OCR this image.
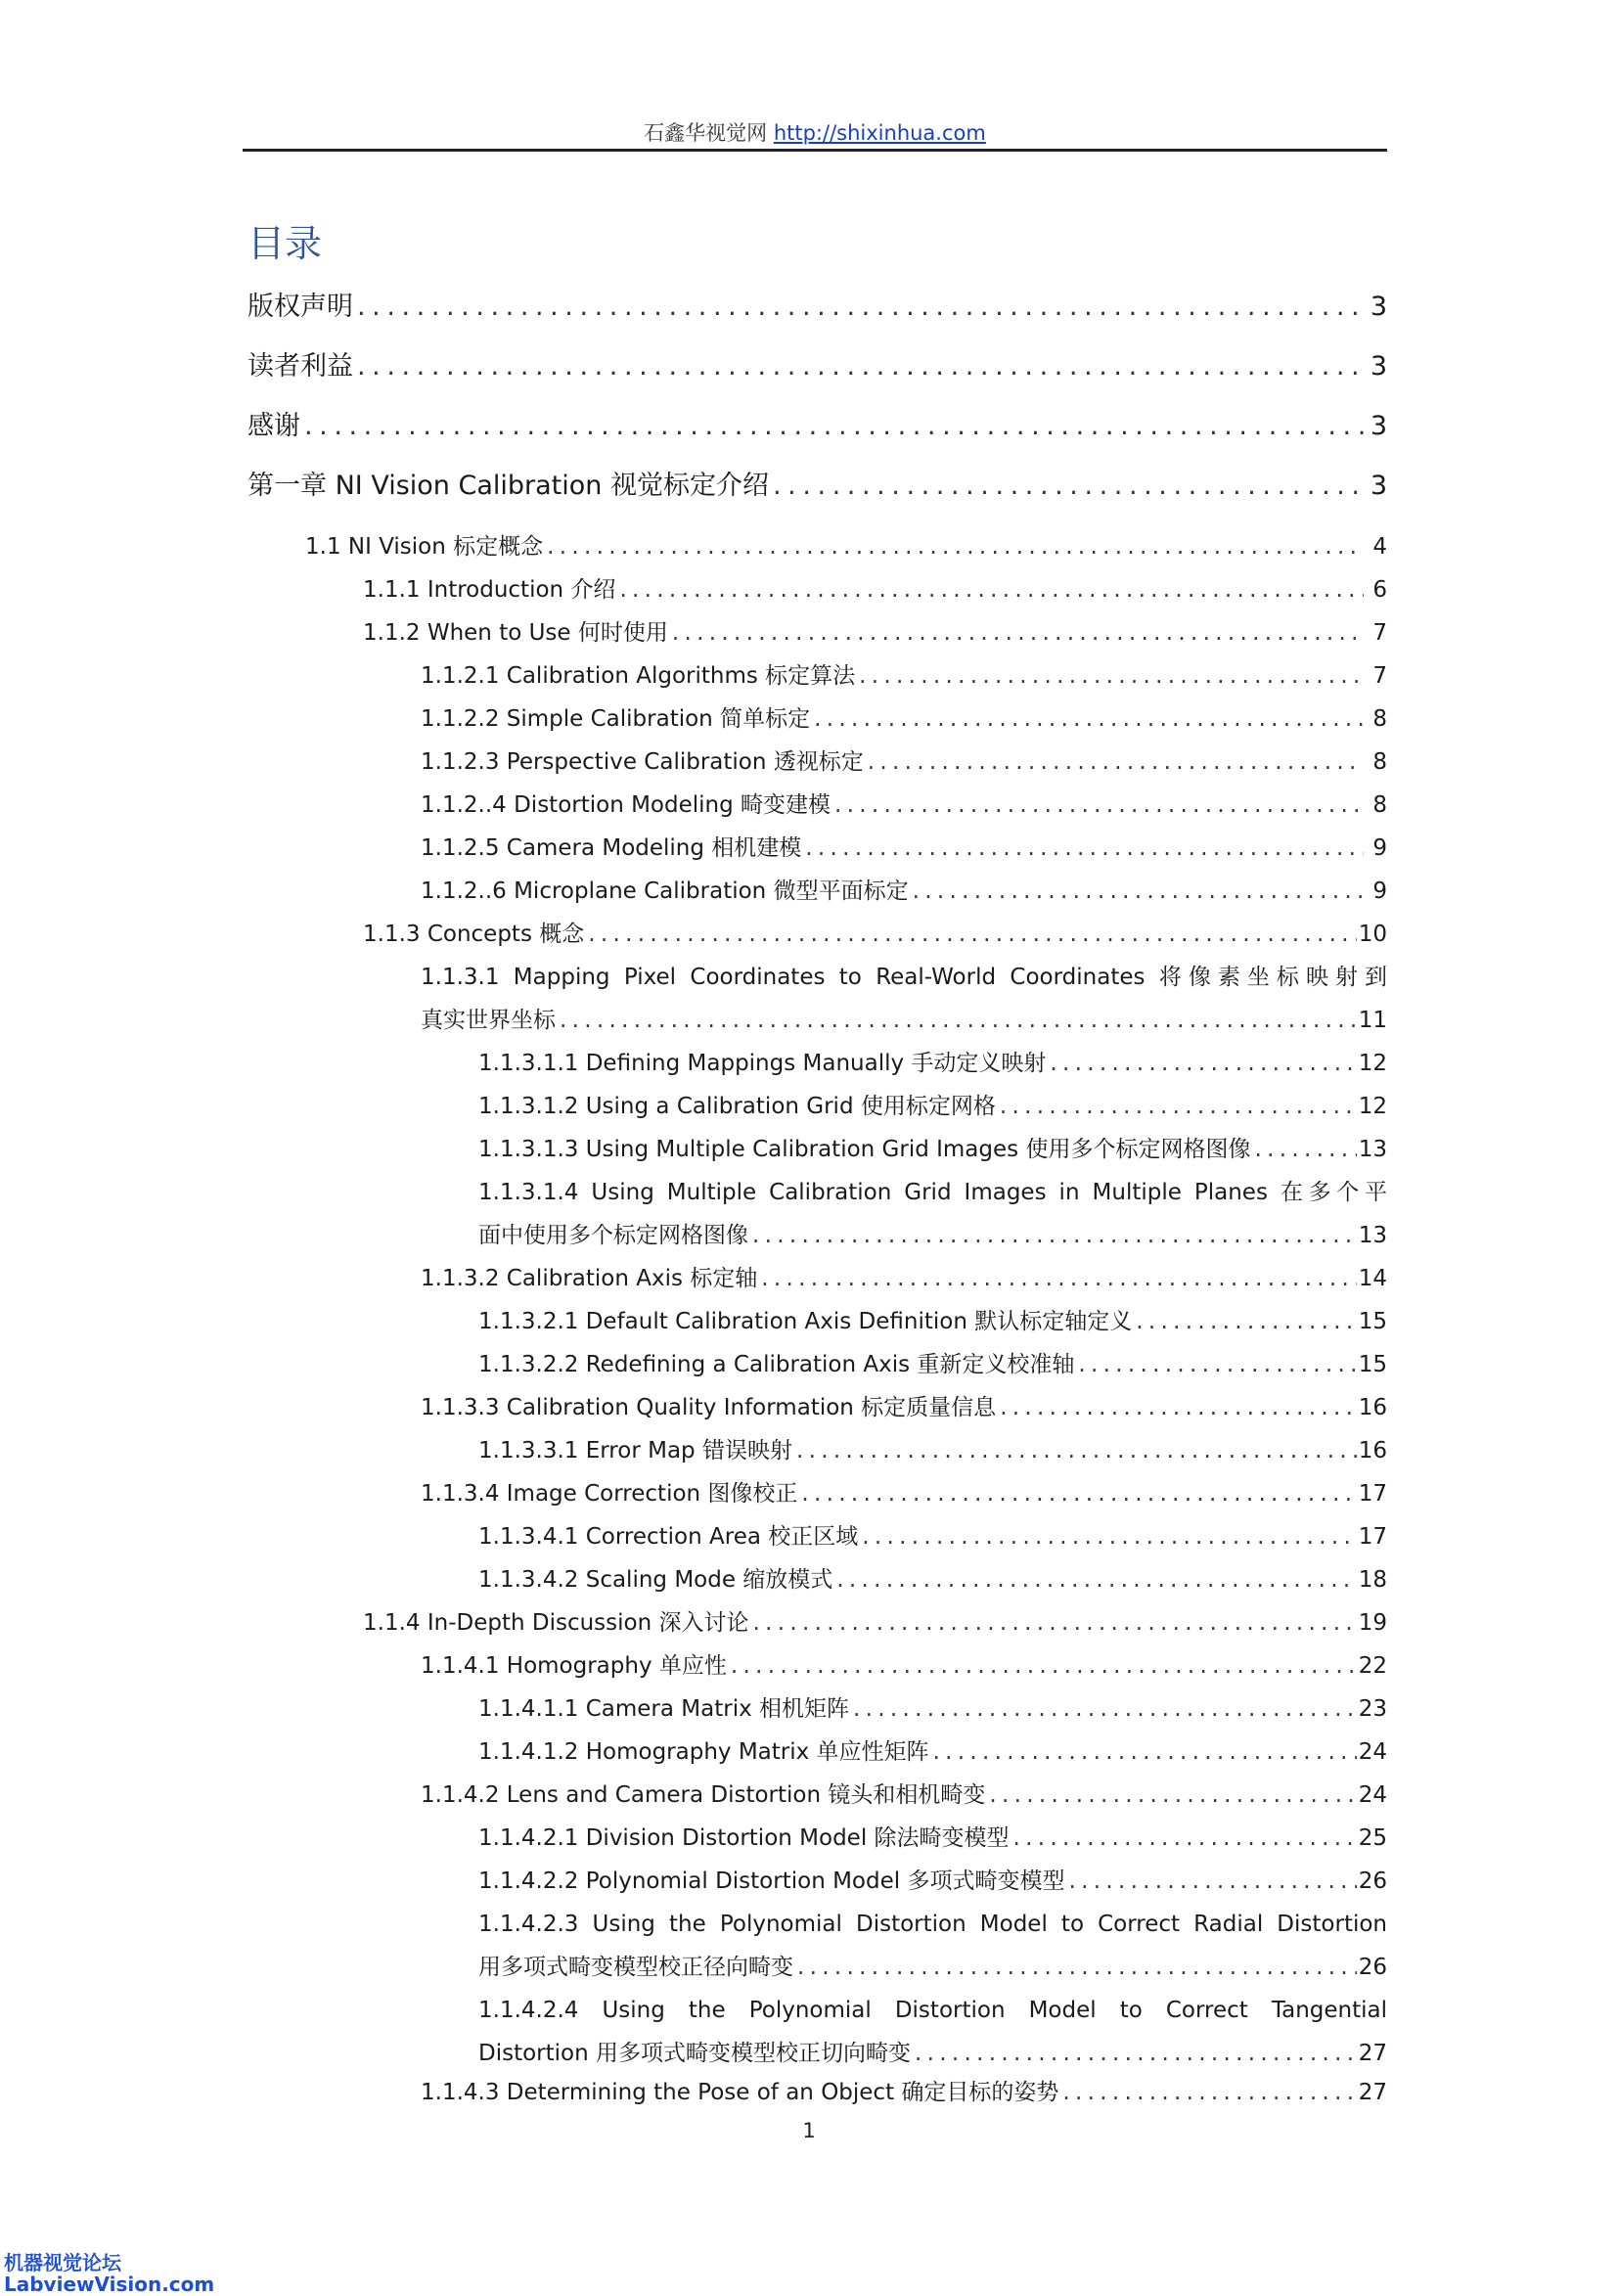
石鑫华视觉网 http://shixinhua.com
目录
版权声明 . . .	3
读者利益 . . .	3
感谢 . . .	3
第一章 NI Vision Calibration 视觉标定介绍 . . .	3
1.1 NI Vision 标定概念 . . .	4
1.1.1 Introduction 介绍 . . .	6
1.1.2 When to Use 何时使用 . . .	7
1.1.2.1 Calibration Algorithms 标定算法 . . .	7
1.1.2.2 Simple Calibration 简单标定 . . .	8
1.1.2.3 Perspective Calibration 透视标定 . . .	8
1.1.2..4 Distortion Modeling 畸变建模 . . .	8
1.1.2.5 Camera Modeling 相机建模 . . .	9
1.1.2..6 Microplane Calibration 微型平面标定 . . .	9
1.1.3 Concepts 概念 . . .	10
1.1.3.1 Mapping Pixel Coordinates to Real-World Coordinates 将像素坐标映射到
真实世界坐标 . . .	11
1.1.3.1.1 Defining Mappings Manually 手动定义映射 . . .	12
1.1.3.1.2 Using a Calibration Grid 使用标定网格 . . .	12
1.1.3.1.3 Using Multiple Calibration Grid Images 使用多个标定网格图像 . . .	13
1.1.3.1.4 Using Multiple Calibration Grid Images in Multiple Planes 在多个平
面中使用多个标定网格图像 . . .	13
1.1.3.2 Calibration Axis 标定轴 . . .	14
1.1.3.2.1 Default Calibration Axis Definition 默认标定轴定义 . . .	15
1.1.3.2.2 Redefining a Calibration Axis 重新定义校准轴 . . .	15
1.1.3.3 Calibration Quality Information 标定质量信息 . . .	16
1.1.3.3.1 Error Map 错误映射 . . .	16
1.1.3.4 Image Correction 图像校正 . . .	17
1.1.3.4.1 Correction Area 校正区域 . . .	17
1.1.3.4.2 Scaling Mode 缩放模式 . . .	18
1.1.4 In-Depth Discussion 深入讨论 . . .	19
1.1.4.1 Homography 单应性 . . .	22
1.1.4.1.1 Camera Matrix 相机矩阵 . . .	23
1.1.4.1.2 Homography Matrix 单应性矩阵 . . .	24
1.1.4.2 Lens and Camera Distortion 镜头和相机畸变 . . .	24
1.1.4.2.1 Division Distortion Model 除法畸变模型 . . .	25
1.1.4.2.2 Polynomial Distortion Model 多项式畸变模型 . . .	26
1.1.4.2.3 Using the Polynomial Distortion Model to Correct Radial Distortion
用多项式畸变模型校正径向畸变 . . .	26
1.1.4.2.4 Using the Polynomial Distortion Model to Correct Tangential
Distortion 用多项式畸变模型校正切向畸变 . . .	27
1.1.4.3 Determining the Pose of an Object 确定目标的姿势 . . .	27
1
机器视觉论坛
LabviewVision.com
